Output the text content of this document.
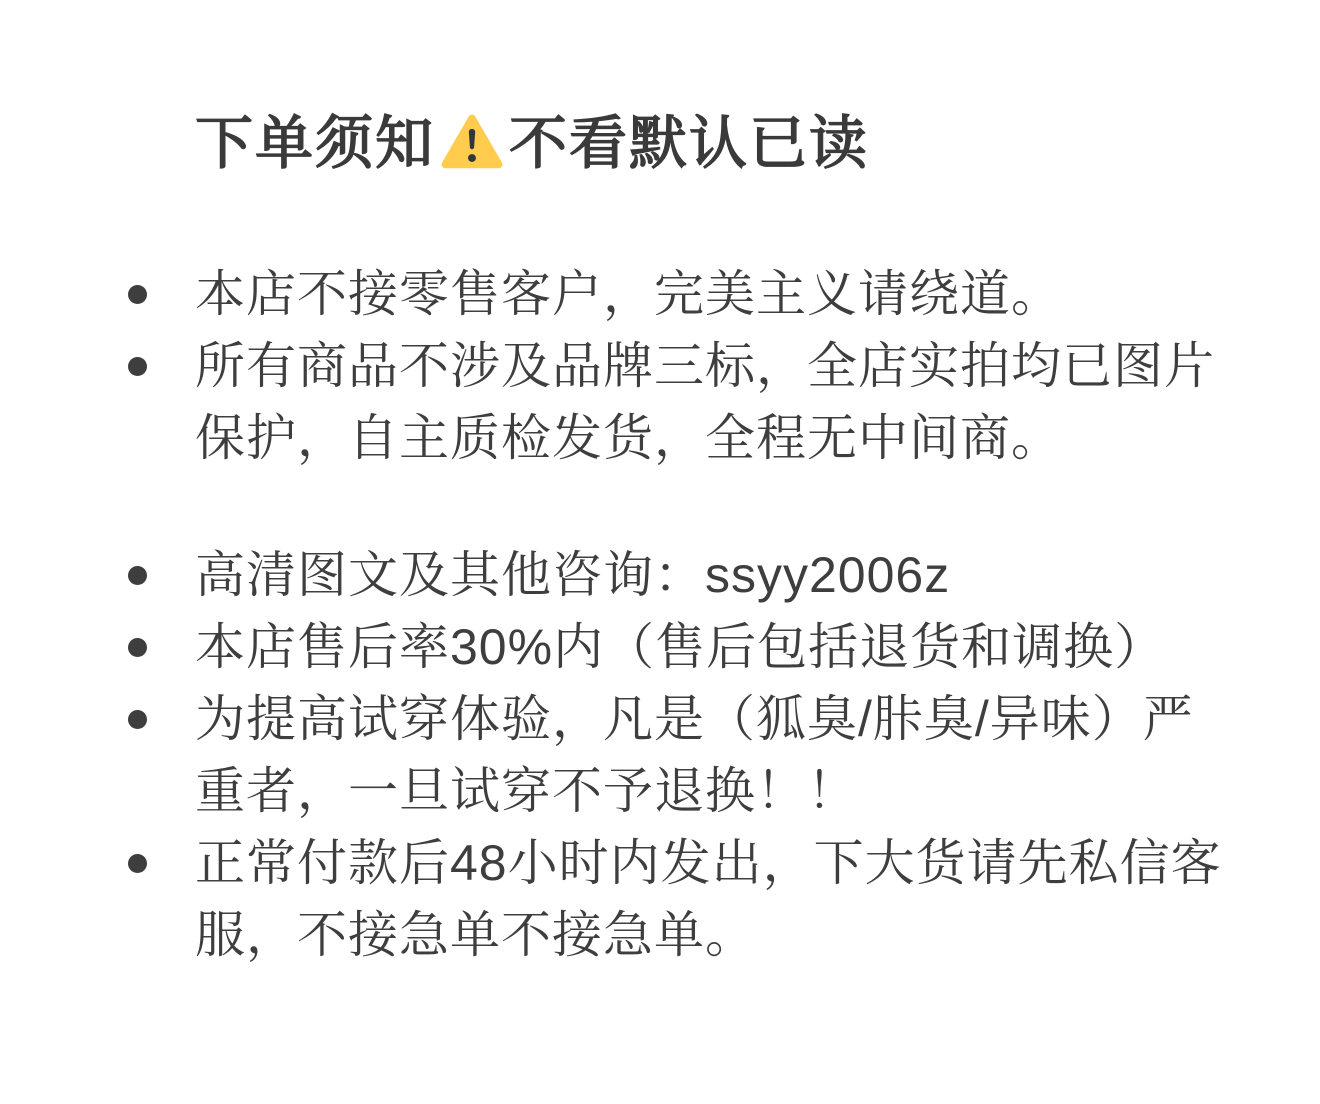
下单须知 不看默认已读
本店不接零售客户，完美主义请绕道。
所有商品不涉及品牌三标，全店实拍均已图片保护，自主质检发货，全程无中间商。
高清图文及其他咨询：ssyy2006z
本店售后率30%内（售后包括退货和调换）
为提高试穿体验，凡是（狐臭/胩臭/异味）严重者，一旦试穿不予退换！！
正常付款后48小时内发出，下大货请先私信客服，不接急单不接急单。
